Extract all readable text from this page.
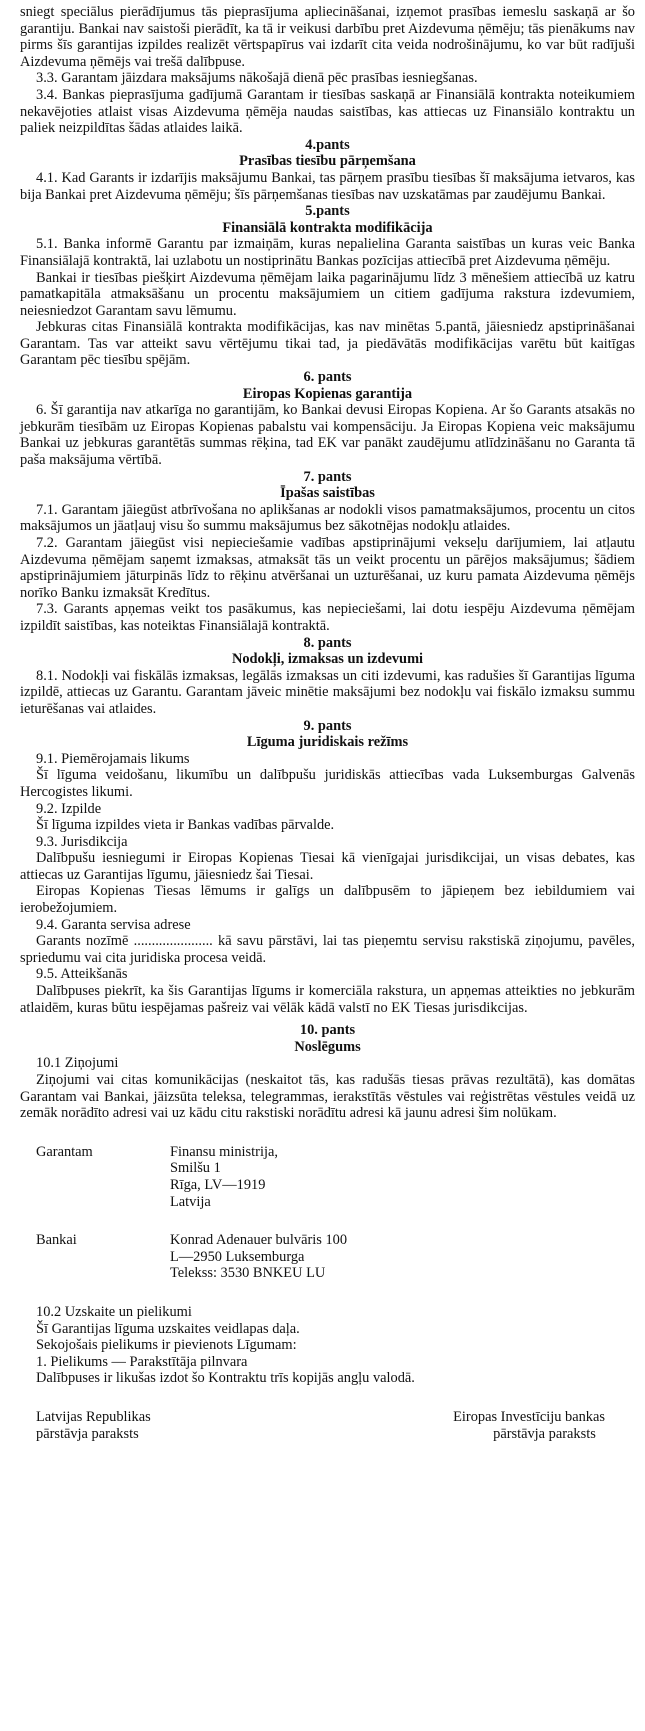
sniegt speciālus pierādījumus tās pieprasījuma apliecināšanai, izņemot prasības iemeslu saskaņā ar šo garantiju. Bankai nav saistoši pierādīt, ka tā ir veikusi darbību pret Aizdevuma ņēmēju; tās pienākums nav pirms šīs garantijas izpildes realizēt vērtspapīrus vai izdarīt cita veida nodrošinājumu, ko var būt radījuši Aizdevuma ņēmējs vai trešā dalībpuse.

3.3. Garantam jāizdara maksājums nākošajā dienā pēc prasības iesniegšanas.

3.4. Bankas pieprasījuma gadījumā Garantam ir tiesības saskaņā ar Finansiālā kontrakta noteikumiem nekavējoties atlaist visas Aizdevuma ņēmēja naudas saistības, kas attiecas uz Finansiālo kontraktu un paliek neizpildītas šādas atlaides laikā.

4.pants

Prasības tiesību pārņemšana

4.1. Kad Garants ir izdarījis maksājumu Bankai, tas pārņem prasību tiesības šī maksājuma ietvaros, kas bija Bankai pret Aizdevuma ņēmēju; šīs pārņemšanas tiesības nav uzskatāmas par zaudējumu Bankai.

5.pants

Finansiālā kontrakta modifikācija

5.1. Banka informē Garantu par izmaiņām, kuras nepalielina Garanta saistības un kuras veic Banka Finansiālajā kontraktā, lai uzlabotu un nostiprinātu Bankas pozīcijas attiecībā pret Aizdevuma ņēmēju.

Bankai ir tiesības piešķirt Aizdevuma ņēmējam laika pagarinājumu līdz 3 mēnešiem attiecībā uz katru pamatkapitāla atmaksāšanu un procentu maksājumiem un citiem gadījuma rakstura izdevumiem, neiesniedzot Garantam savu lēmumu.

Jebkuras citas Finansiālā kontrakta modifikācijas, kas nav minētas 5.pantā, jāiesniedz apstiprināšanai Garantam. Tas var atteikt savu vērtējumu tikai tad, ja piedāvātās modifikācijas varētu būt kaitīgas Garantam pēc tiesību spējām.

6. pants

Eiropas Kopienas garantija

6. Šī garantija nav atkarīga no garantijām, ko Bankai devusi Eiropas Kopiena. Ar šo Garants atsakās no jebkurām tiesībām uz Eiropas Kopienas pabalstu vai kompensāciju. Ja Eiropas Kopiena veic maksājumu Bankai uz jebkuras garantētās summas rēķina, tad EK var panākt zaudējumu atlīdzināšanu no Garanta tā paša maksājuma vērtībā.

7. pants

Īpašas saistības

7.1. Garantam jāiegūst atbrīvošana no aplikšanas ar nodokli visos pamatmaksājumos, procentu un citos maksājumos un jāatļauj visu šo summu maksājumus bez sākotnējas nodokļu atlaides.

7.2. Garantam jāiegūst visi nepieciešamie vadības apstiprinājumi vekseļu darījumiem, lai atļautu Aizdevuma ņēmējam saņemt izmaksas, atmaksāt tās un veikt procentu un pārējos maksājumus; šādiem apstiprinājumiem jāturpinās līdz to rēķinu atvēršanai un uzturēšanai, uz kuru pamata Aizdevuma ņēmējs norīko Banku izmaksāt Kredītus.

7.3. Garants apņemas veikt tos pasākumus, kas nepieciešami, lai dotu iespēju Aizdevuma ņēmējam izpildīt saistības, kas noteiktas Finansiālajā kontraktā.

8. pants

Nodokļi, izmaksas un izdevumi

8.1. Nodokļi vai fiskālās izmaksas, legālās izmaksas un citi izdevumi, kas radušies šī Garantijas līguma izpildē, attiecas uz Garantu. Garantam jāveic minētie maksājumi bez nodokļu vai fiskālo izmaksu summu ieturēšanas vai atlaides.

9. pants

Līguma juridiskais režīms

9.1. Piemērojamais likums

Šī līguma veidošanu, likumību un dalībpušu juridiskās attiecības vada Luksemburgas Galvenās Hercogistes likumi.

9.2. Izpilde

Šī līguma izpildes vieta ir Bankas vadības pārvalde.

9.3. Jurisdikcija

Dalībpušu iesniegumi ir Eiropas Kopienas Tiesai kā vienīgajai jurisdikcijai, un visas debates, kas attiecas uz Garantijas līgumu, jāiesniedz šai Tiesai.

Eiropas Kopienas Tiesas lēmums ir galīgs un dalībpusēm to jāpieņem bez iebildumiem vai ierobežojumiem.

9.4. Garanta servisa adrese

Garants nozīmē ...................... kā savu pārstāvi, lai tas pieņemtu servisu rakstiskā ziņojumu, pavēles, spriedumu vai cita juridiska procesa veidā.

9.5. Atteikšanās

Dalībpuses piekrīt, ka šis Garantijas līgums ir komerciāla rakstura, un apņemas atteikties no jebkurām atlaidēm, kuras būtu iespējamas pašreiz vai vēlāk kādā valstī no EK Tiesas jurisdikcijas.

10. pants

Noslēgums

10.1 Ziņojumi

Ziņojumi vai citas komunikācijas (neskaitot tās, kas radušās tiesas prāvas rezultātā), kas domātas Garantam vai Bankai, jāizsūta teleksa, telegrammas, ierakstītās vēstules vai reģistrētas vēstules veidā uz zemāk norādīto adresi vai uz kādu citu rakstiski norādītu adresi kā jaunu adresi šim nolūkam.

Garantam	Finansu ministrija,

Smilšu 1

Rīga, LV—1919

Latvija

Bankai	Konrad Adenauer bulvāris 100

L—2950 Luksemburga

Telekss: 3530 BNKEU LU

10.2 Uzskaite un pielikumi

Šī Garantijas līguma uzskaites veidlapas daļa.

Sekojošais pielikums ir pievienots Līgumam:

1. Pielikums — Parakstītāja pilnvara

Dalībpuses ir likušas izdot šo Kontraktu trīs kopijās angļu valodā.

Latvijas Republikas

pārstāvja paraksts

Eiropas Investīciju bankas

pārstāvja paraksts
